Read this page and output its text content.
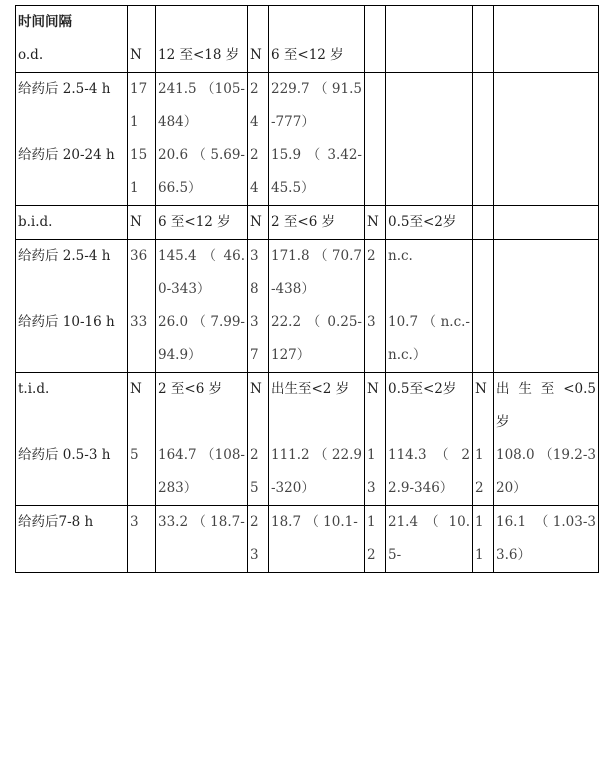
时间间隔								
o.d.	N	12 至<18 岁	N	6 至<12 岁				
给药后 2.5-4 h	171	241.5 （105-484）	24	229.7 （ 91.5-777）				
给药后 20-24 h	151	20.6 （ 5.69-66.5）	24	15.9 （ 3.42-45.5）				
b.i.d.	N	6 至<12 岁	N	2 至<6 岁	N	0.5至<2岁		
给药后 2.5-4 h	36	145.4 （ 46.0-343）	38	171.8 （ 70.7-438）	2	n.c.		
给药后 10-16 h	33	26.0 （ 7.99-94.9）	37	22.2 （ 0.25-127）	3	10.7 （ n.c.-n.c.）		
t.i.d.	N	2 至<6 岁	N	出生至<2 岁	N	0.5至<2岁	N	出 生 至 <0.5 岁
给药后 0.5-3 h	5	164.7 （108-283）	25	111.2 （ 22.9-320）	13	114.3 （ 22.9-346）	12	108.0 （19.2-320）
给药后7-8 h	3	33.2 （ 18.7-	23	18.7 （ 10.1-	12	21.4 （ 10.5-	11	16.1 （1.03-33.6）
